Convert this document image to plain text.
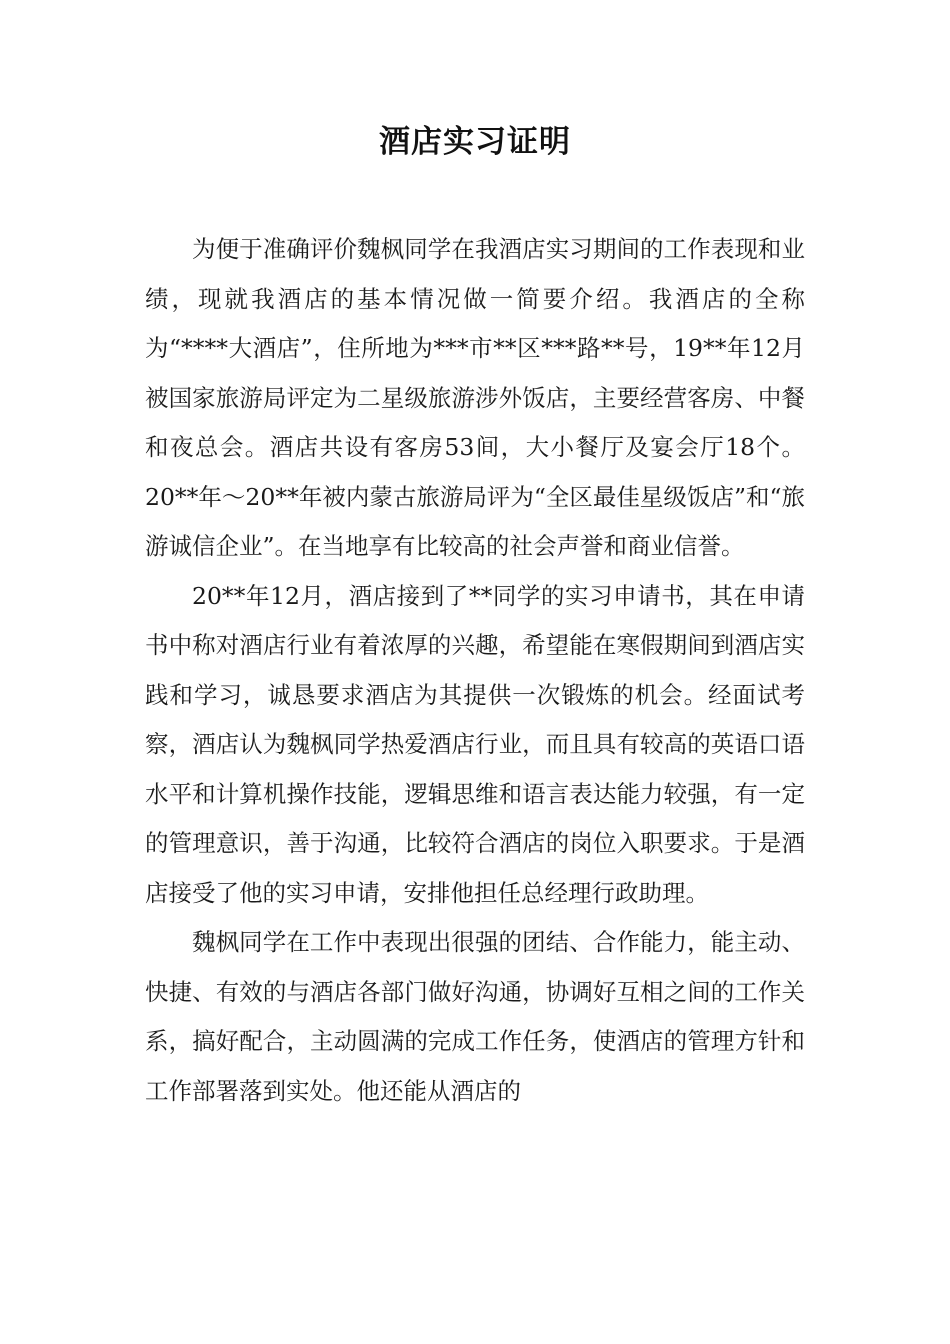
酒店实习证明

为便于准确评价魏枫同学在我酒店实习期间的工作表现和业绩，现就我酒店的基本情况做一简要介绍。我酒店的全称为“****大酒店”，住所地为***市**区***路**号，19**年12月被国家旅游局评定为二星级旅游涉外饭店，主要经营客房、中餐和夜总会。酒店共设有客房53间，大小餐厅及宴会厅18个。20**年～20**年被内蒙古旅游局评为“全区最佳星级饭店”和“旅游诚信企业”。在当地享有比较高的社会声誉和商业信誉。

20**年12月，酒店接到了**同学的实习申请书，其在申请书中称对酒店行业有着浓厚的兴趣，希望能在寒假期间到酒店实践和学习，诚恳要求酒店为其提供一次锻炼的机会。经面试考察，酒店认为魏枫同学热爱酒店行业，而且具有较高的英语口语水平和计算机操作技能，逻辑思维和语言表达能力较强，有一定的管理意识，善于沟通，比较符合酒店的岗位入职要求。于是酒店接受了他的实习申请，安排他担任总经理行政助理。

魏枫同学在工作中表现出很强的团结、合作能力，能主动、快捷、有效的与酒店各部门做好沟通，协调好互相之间的工作关系，搞好配合，主动圆满的完成工作任务，使酒店的管理方针和工作部署落到实处。他还能从酒店的
